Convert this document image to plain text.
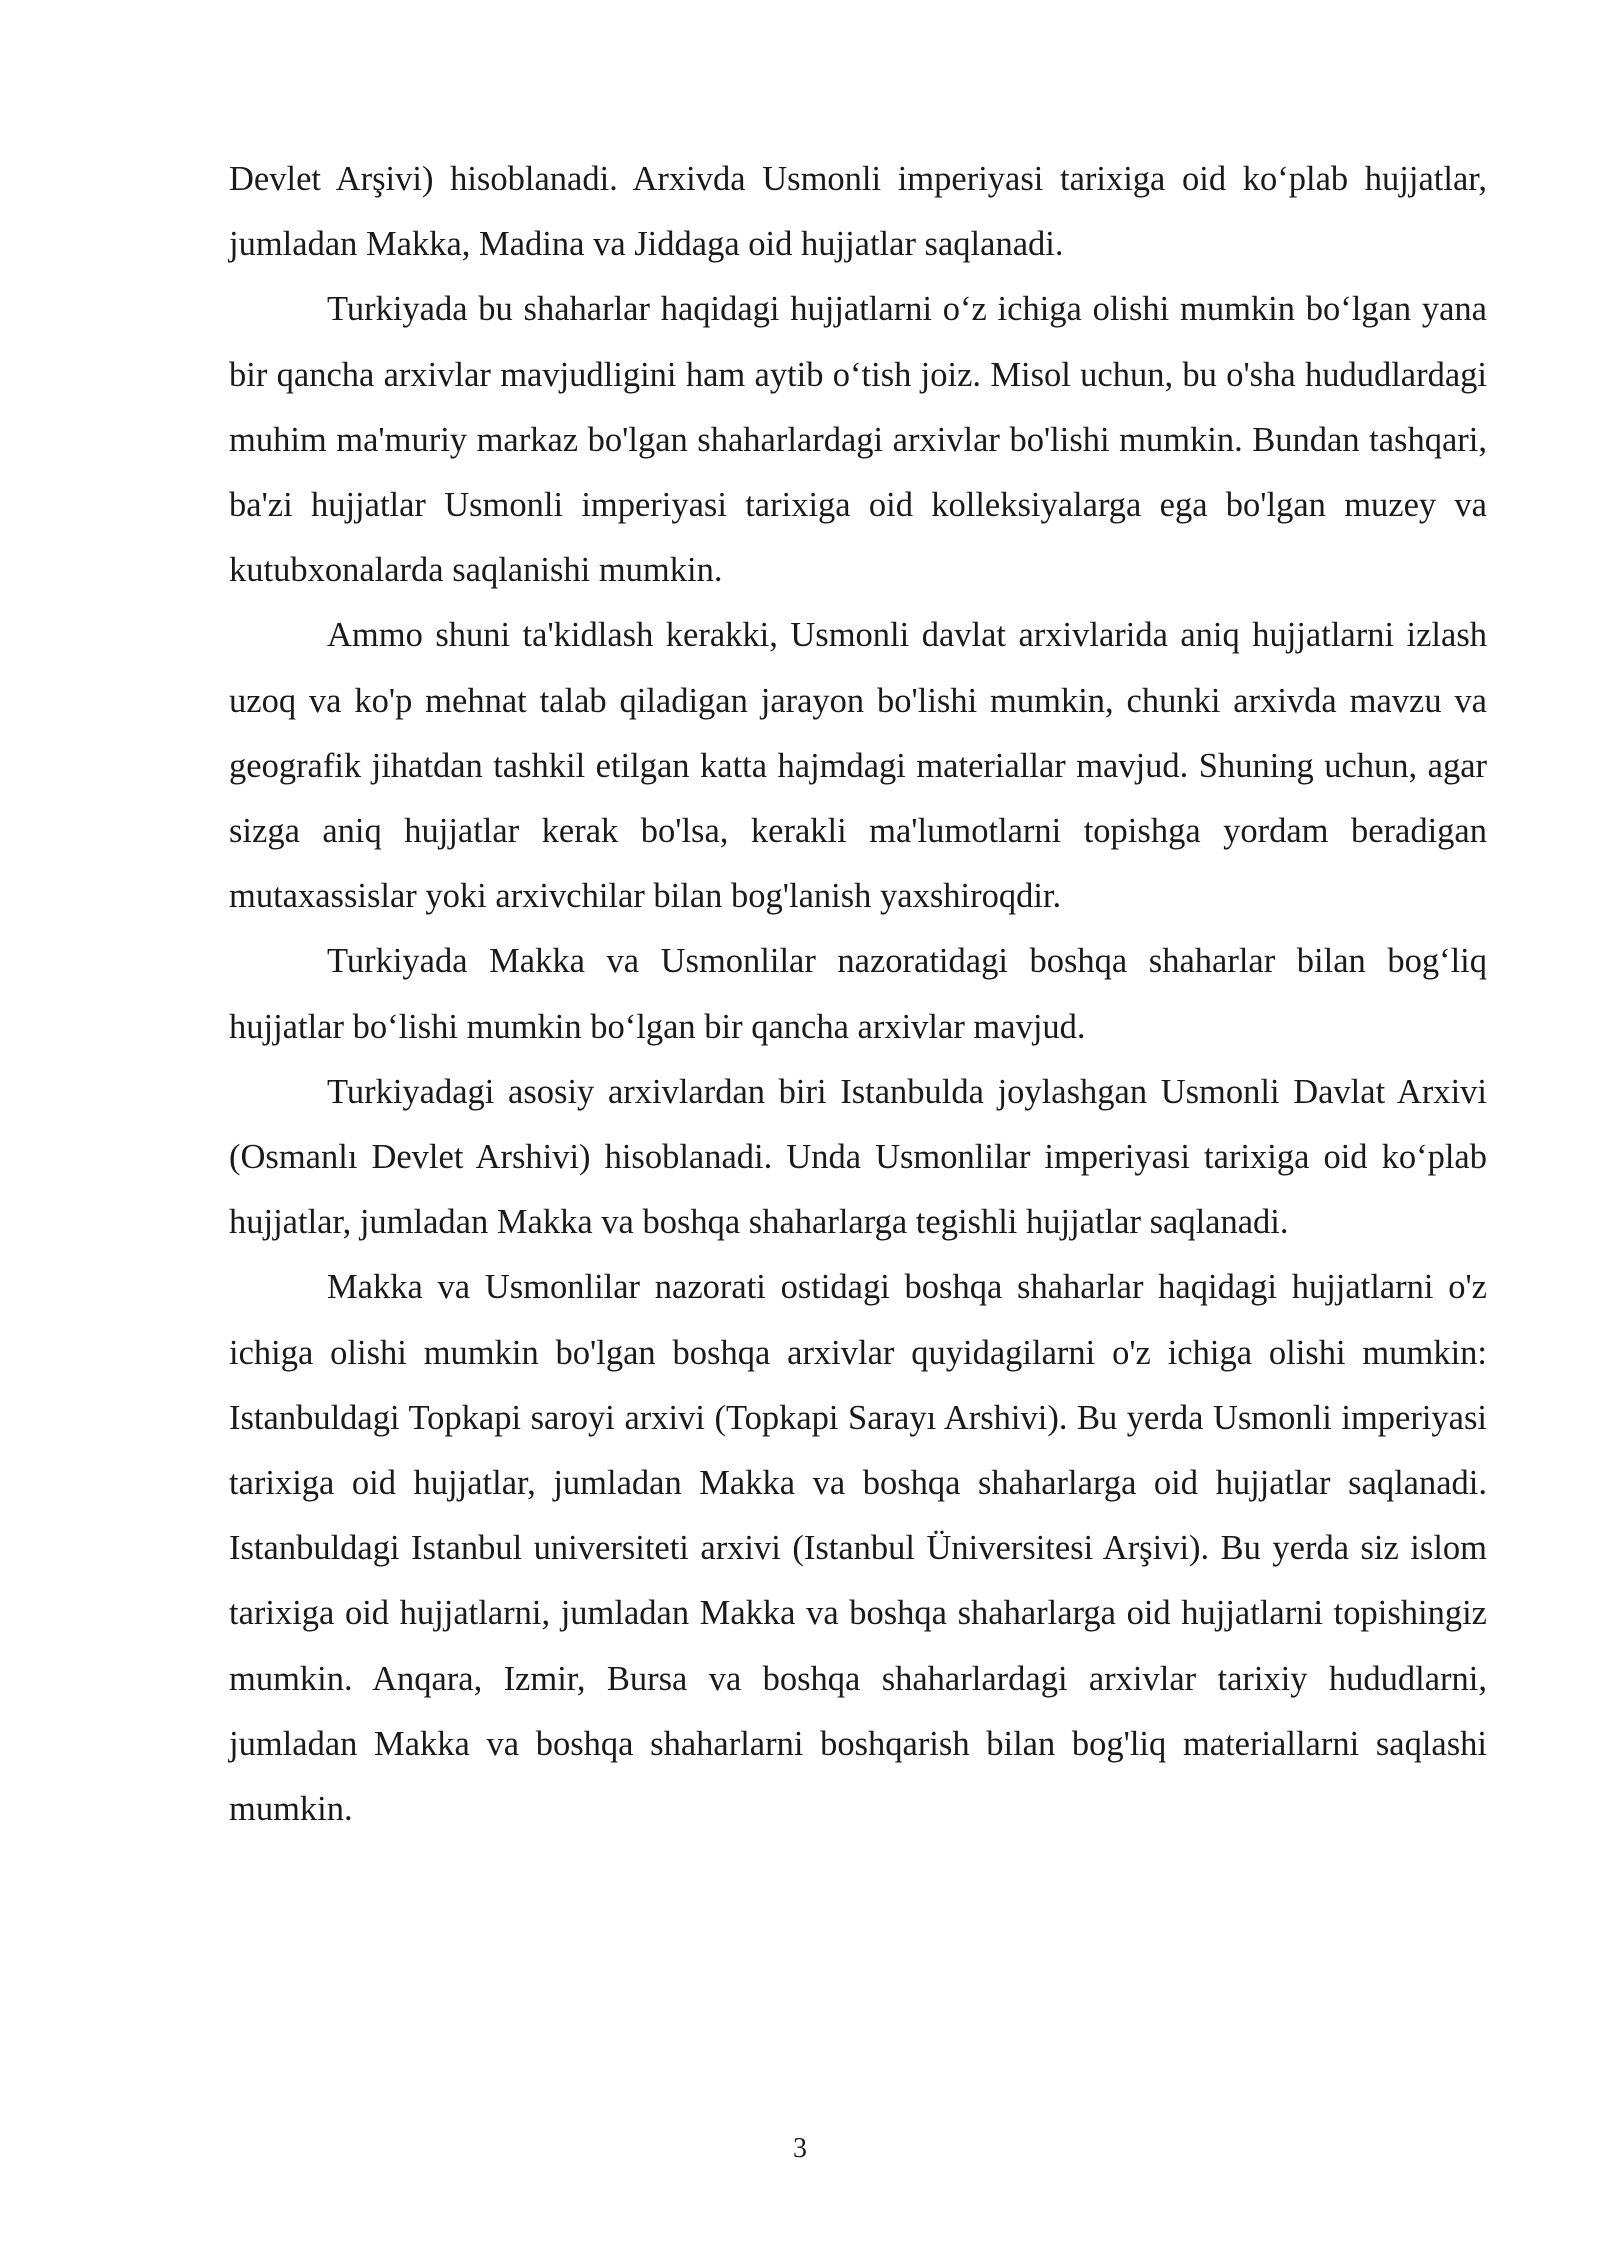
Devlet Arşivi) hisoblanadi. Arxivda Usmonli imperiyasi tarixiga oid koʻplab hujjatlar, jumladan Makka, Madina va Jiddaga oid hujjatlar saqlanadi.

Turkiyada bu shaharlar haqidagi hujjatlarni oʻz ichiga olishi mumkin boʻlgan yana bir qancha arxivlar mavjudligini ham aytib oʻtish joiz. Misol uchun, bu o'sha hududlardagi muhim ma'muriy markaz bo'lgan shaharlardagi arxivlar bo'lishi mumkin. Bundan tashqari, ba'zi hujjatlar Usmonli imperiyasi tarixiga oid kolleksiyalarga ega bo'lgan muzey va kutubxonalarda saqlanishi mumkin.

Ammo shuni ta'kidlash kerakki, Usmonli davlat arxivlarida aniq hujjatlarni izlash uzoq va ko'p mehnat talab qiladigan jarayon bo'lishi mumkin, chunki arxivda mavzu va geografik jihatdan tashkil etilgan katta hajmdagi materiallar mavjud. Shuning uchun, agar sizga aniq hujjatlar kerak bo'lsa, kerakli ma'lumotlarni topishga yordam beradigan mutaxassislar yoki arxivchilar bilan bog'lanish yaxshiroqdir.

Turkiyada Makka va Usmonlilar nazoratidagi boshqa shaharlar bilan bogʻliq hujjatlar boʻlishi mumkin boʻlgan bir qancha arxivlar mavjud.

Turkiyadagi asosiy arxivlardan biri Istanbulda joylashgan Usmonli Davlat Arxivi (Osmanlı Devlet Arshivi) hisoblanadi. Unda Usmonlilar imperiyasi tarixiga oid koʻplab hujjatlar, jumladan Makka va boshqa shaharlarga tegishli hujjatlar saqlanadi.

Makka va Usmonlilar nazorati ostidagi boshqa shaharlar haqidagi hujjatlarni o'z ichiga olishi mumkin bo'lgan boshqa arxivlar quyidagilarni o'z ichiga olishi mumkin: Istanbuldagi Topkapi saroyi arxivi (Topkapi Sarayı Arshivi). Bu yerda Usmonli imperiyasi tarixiga oid hujjatlar, jumladan Makka va boshqa shaharlarga oid hujjatlar saqlanadi. Istanbuldagi Istanbul universiteti arxivi (Istanbul Üniversitesi Arşivi). Bu yerda siz islom tarixiga oid hujjatlarni, jumladan Makka va boshqa shaharlarga oid hujjatlarni topishingiz mumkin. Anqara, Izmir, Bursa va boshqa shaharlardagi arxivlar tarixiy hududlarni, jumladan Makka va boshqa shaharlarni boshqarish bilan bog'liq materiallarni saqlashi mumkin.

3
